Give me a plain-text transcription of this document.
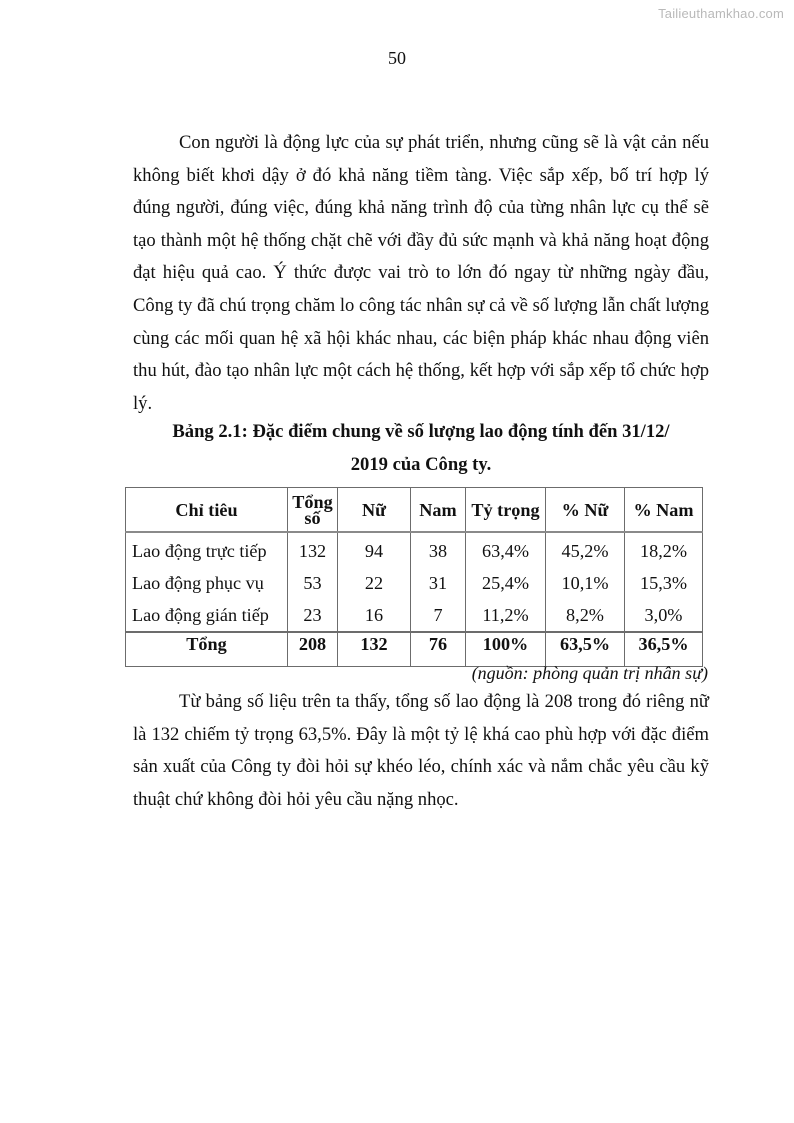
Tailieuthamkhao.com
50

Con người là động lực của sự phát triển, nhưng cũng sẽ là vật cản nếu không biết khơi dậy ở đó khả năng tiềm tàng. Việc sắp xếp, bố trí hợp lý đúng người, đúng việc, đúng khả năng trình độ của từng nhân lực cụ thể sẽ tạo thành một hệ thống chặt chẽ với đầy đủ sức mạnh và khả năng hoạt động đạt hiệu quả cao. Ý thức được vai trò to lớn đó ngay từ những ngày đầu, Công ty đã chú trọng chăm lo công tác nhân sự cả về số lượng lẫn chất lượng cùng các mối quan hệ xã hội khác nhau, các biện pháp khác nhau động viên thu hút, đào tạo nhân lực một cách hệ thống, kết hợp với sắp xếp tổ chức hợp lý.

Bảng 2.1: Đặc điểm chung về số lượng lao động tính đến 31/12/
2019 của Công ty.
Chỉ tiêu	Tổng số	Nữ	Nam	Tỷ trọng	% Nữ	% Nam
Lao động trực tiếp	132	94	38	63,4%	45,2%	18,2%
Lao động phục vụ	53	22	31	25,4%	10,1%	15,3%
Lao động gián tiếp	23	16	7	11,2%	8,2%	3,0%
Tổng	208	132	76	100%	63,5%	36,5%
(nguồn: phòng quản trị nhân sự)

Từ bảng số liệu trên ta thấy, tổng số lao động là 208 trong đó riêng nữ là 132 chiếm tỷ trọng 63,5%. Đây là một tỷ lệ khá cao phù hợp với đặc điểm sản xuất của Công ty đòi hỏi sự khéo léo, chính xác và nắm chắc yêu cầu kỹ thuật chứ không đòi hỏi yêu cầu nặng nhọc.
